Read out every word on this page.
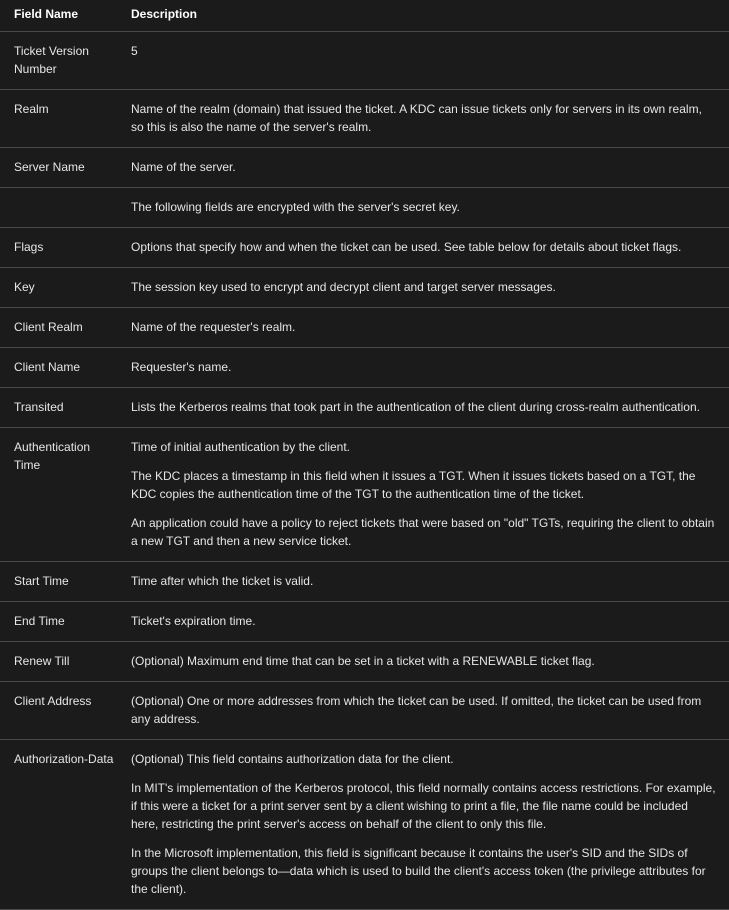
Field Name	Description
Ticket Version Number	5

Realm	Name of the realm (domain) that issued the ticket. A KDC can issue tickets only for servers in its own realm, so this is also the name of the server's realm.

Server Name	Name of the server.

	The following fields are encrypted with the server's secret key.

Flags	Options that specify how and when the ticket can be used. See table below for details about ticket flags.

Key	The session key used to encrypt and decrypt client and target server messages.

Client Realm	Name of the requester's realm.

Client Name	Requester's name.

Transited	Lists the Kerberos realms that took part in the authentication of the client during cross-realm authentication.

Authentication Time	Time of initial authentication by the client.

The KDC places a timestamp in this field when it issues a TGT. When it issues tickets based on a TGT, the KDC copies the authentication time of the TGT to the authentication time of the ticket.

An application could have a policy to reject tickets that were based on "old" TGTs, requiring the client to obtain a new TGT and then a new service ticket.

Start Time	Time after which the ticket is valid.

End Time	Ticket's expiration time.

Renew Till	(Optional) Maximum end time that can be set in a ticket with a RENEWABLE ticket flag.

Client Address	(Optional) One or more addresses from which the ticket can be used. If omitted, the ticket can be used from any address.

Authorization-Data	(Optional) This field contains authorization data for the client.

In MIT's implementation of the Kerberos protocol, this field normally contains access restrictions. For example, if this were a ticket for a print server sent by a client wishing to print a file, the file name could be included here, restricting the print server's access on behalf of the client to only this file.

In the Microsoft implementation, this field is significant because it contains the user's SID and the SIDs of groups the client belongs to—data which is used to build the client's access token (the privilege attributes for the client).
